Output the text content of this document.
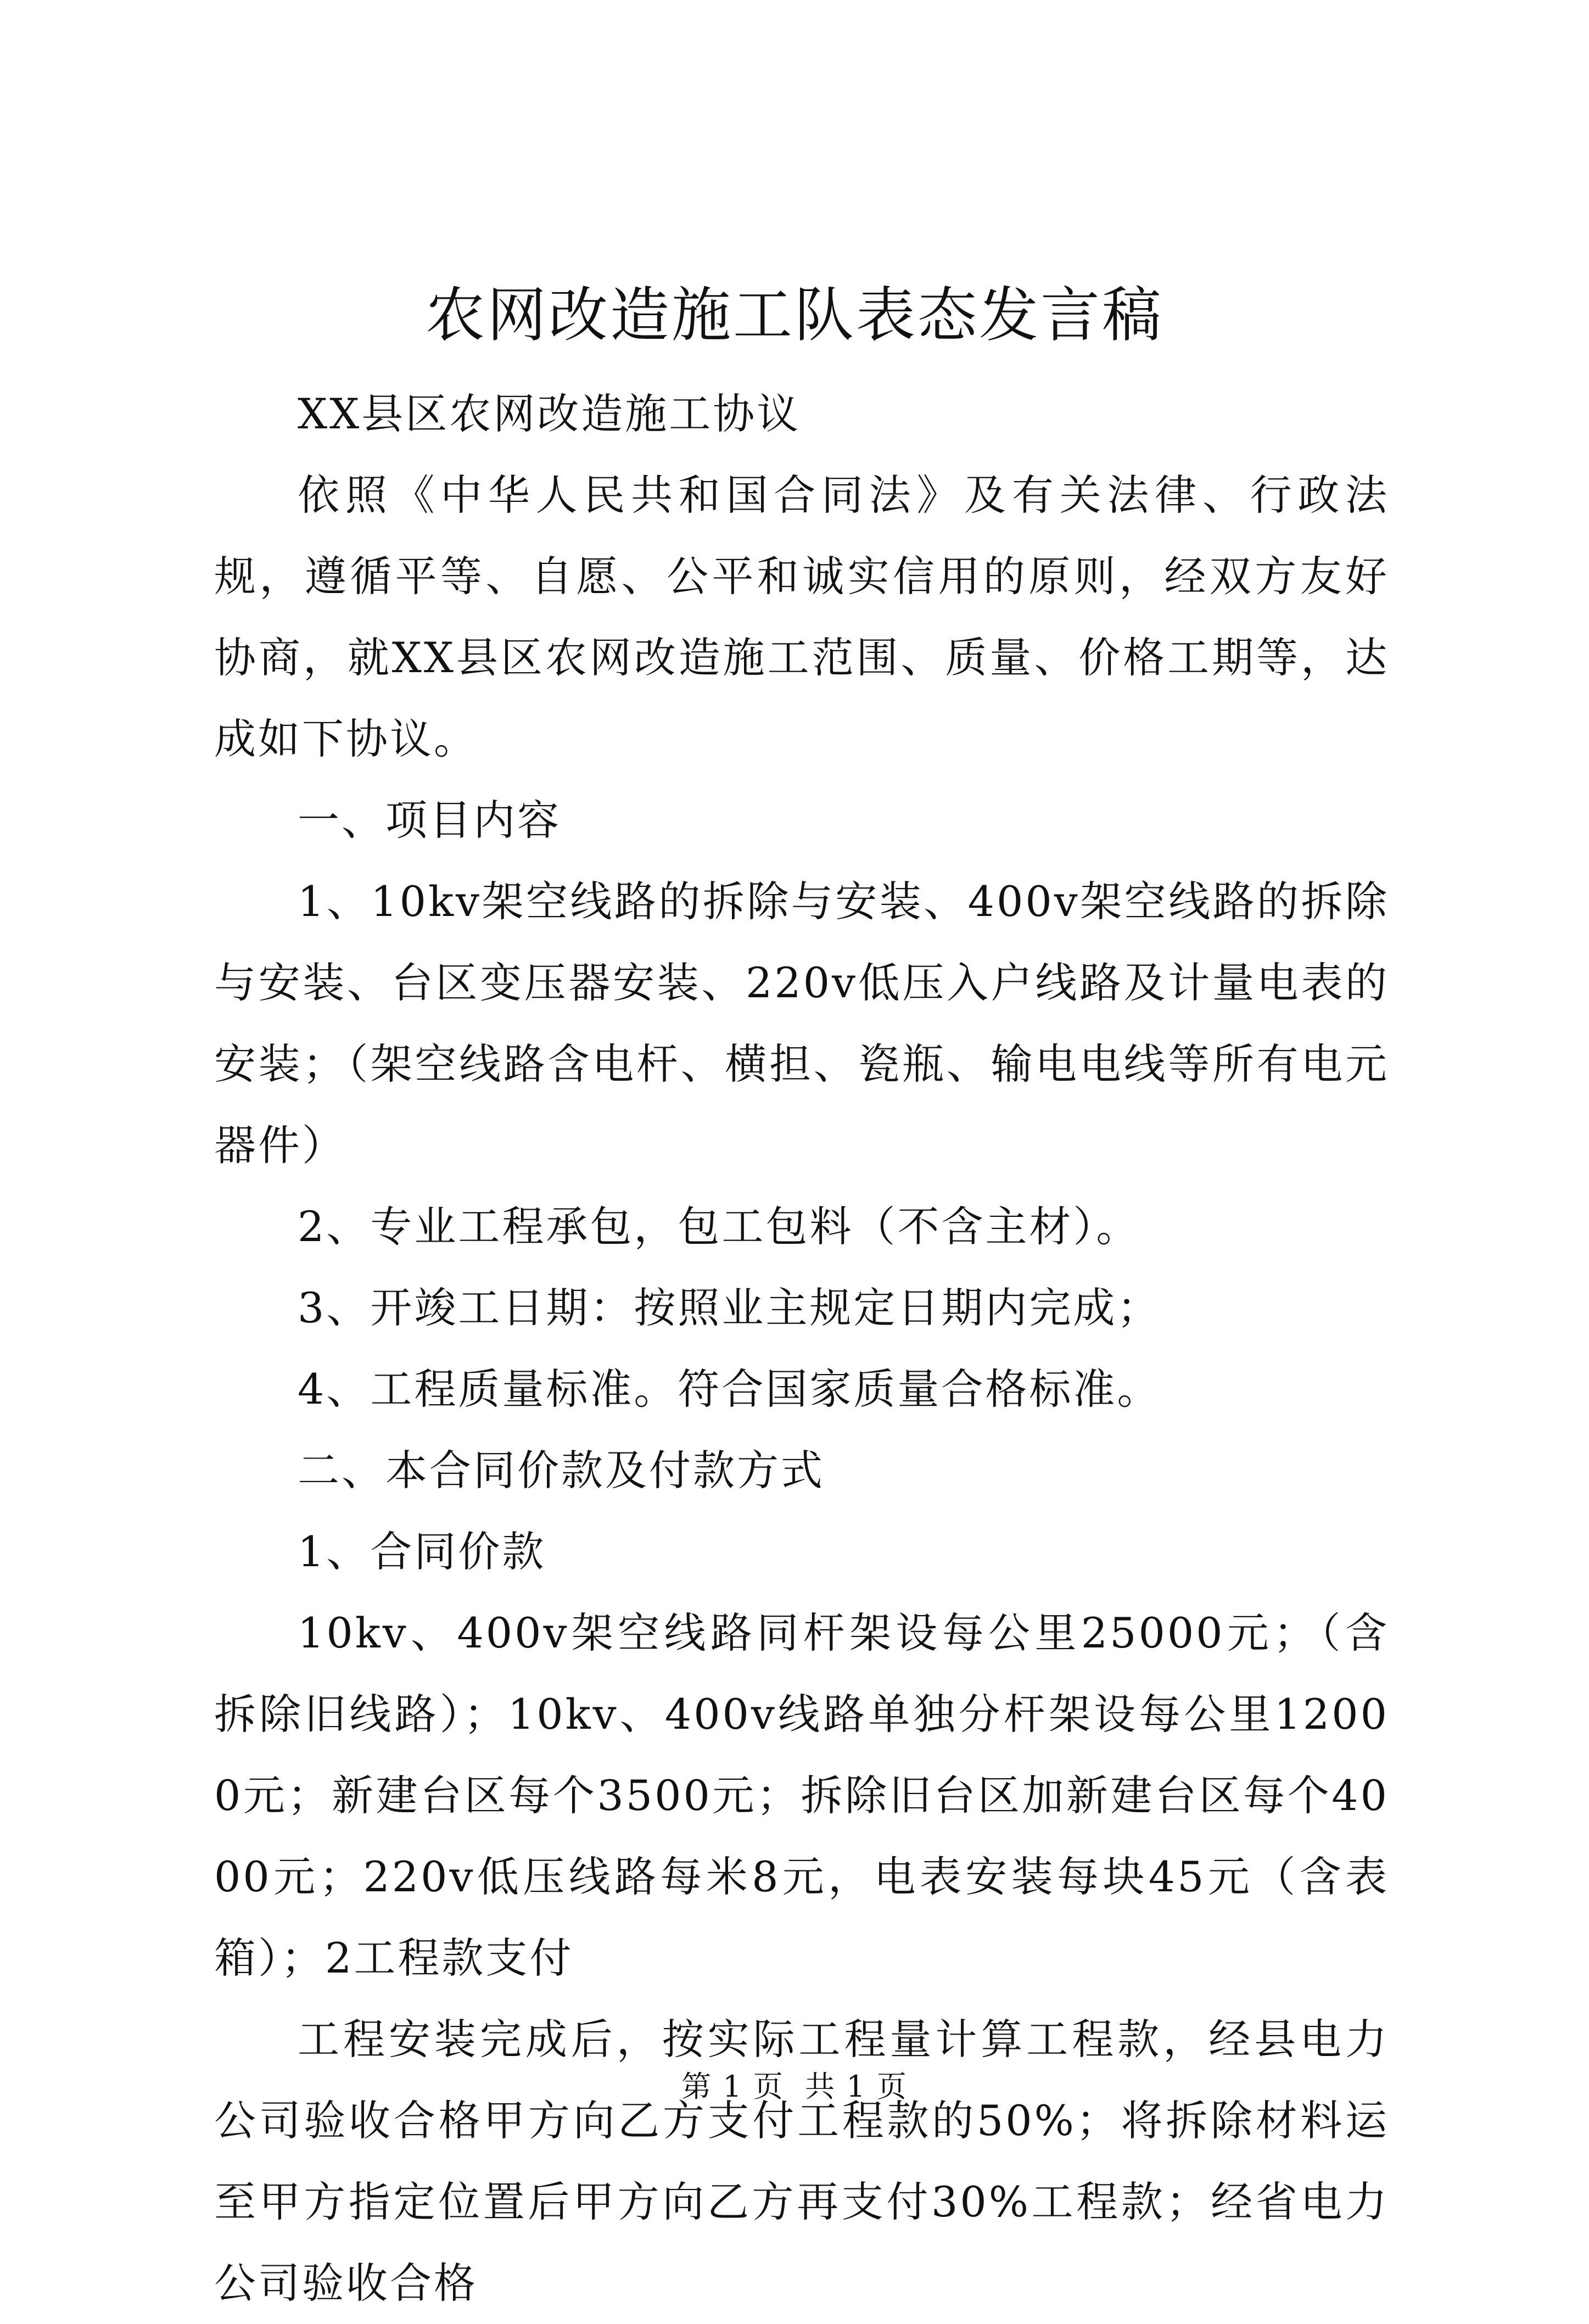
农网改造施工队表态发言稿

XX县区农网改造施工协议

依照《中华人民共和国合同法》及有关法律、行政法规，遵循平等、自愿、公平和诚实信用的原则，经双方友好协商，就XX县区农网改造施工范围、质量、价格工期等，达成如下协议。

一、项目内容

1、10kv架空线路的拆除与安装、400v架空线路的拆除与安装、台区变压器安装、220v低压入户线路及计量电表的安装；（架空线路含电杆、横担、瓷瓶、输电电线等所有电元器件）

2、专业工程承包，包工包料（不含主材）。

3、开竣工日期：按照业主规定日期内完成；

4、工程质量标准。符合国家质量合格标准。

二、本合同价款及付款方式

1、合同价款

10kv、400v架空线路同杆架设每公里25000元；（含拆除旧线路）；10kv、400v线路单独分杆架设每公里12000元；新建台区每个3500元；拆除旧台区加新建台区每个4000元；220v低压线路每米8元，电表安装每块45元（含表箱）；2工程款支付

工程安装完成后，按实际工程量计算工程款，经县电力公司验收合格甲方向乙方支付工程款的50%；将拆除材料运至甲方指定位置后甲方向乙方再支付30%工程款；经省电力公司验收合格

第 1 页  共 1 页
